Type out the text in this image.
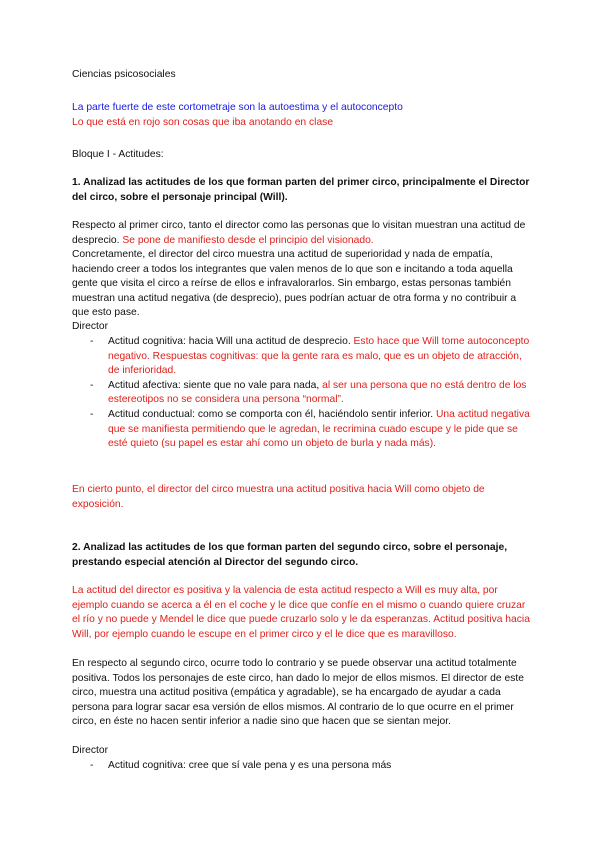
Ciencias psicosociales

La parte fuerte de este cortometraje son la autoestima y el autoconcepto

Lo que está en rojo son cosas que iba anotando en clase

Bloque I - Actitudes:

1. Analizad las actitudes de los que forman parten del primer circo, principalmente el Director del circo, sobre el personaje principal (Will).

Respecto al primer circo, tanto el director como las personas que lo visitan muestran una actitud de desprecio. Se pone de manifiesto desde el principio del visionado.

Concretamente, el director del circo muestra una actitud de superioridad y nada de empatía, haciendo creer a todos los integrantes que valen menos de lo que son e incitando a toda aquella gente que visita el circo a reírse de ellos e infravalorarlos. Sin embargo, estas personas también muestran una actitud negativa (de desprecio), pues podrían actuar de otra forma y no contribuir a que esto pase.

Director

- Actitud cognitiva: hacia Will una actitud de desprecio. Esto hace que Will tome autoconcepto negativo. Respuestas cognitivas: que la gente rara es malo, que es un objeto de atracción, de inferioridad.
- Actitud afectiva: siente que no vale para nada, al ser una persona que no está dentro de los estereotipos no se considera una persona “normal”.
- Actitud conductual: como se comporta con él, haciéndolo sentir inferior. Una actitud negativa que se manifiesta permitiendo que le agredan, le recrimina cuado escupe y le pide que se esté quieto (su papel es estar ahí como un objeto de burla y nada más).

En cierto punto, el director del circo muestra una actitud positiva hacia Will como objeto de exposición.

2. Analizad las actitudes de los que forman parten del segundo circo, sobre el personaje, prestando especial atención al Director del segundo circo.

La actitud del director es positiva y la valencia de esta actitud respecto a Will es muy alta, por ejemplo cuando se acerca a él en el coche y le dice que confíe en el mismo o cuando quiere cruzar el río y no puede y Mendel le dice que puede cruzarlo solo y le da esperanzas. Actitud positiva hacia Will, por ejemplo cuando le escupe en el primer circo y el le dice que es maravilloso.

En respecto al segundo circo, ocurre todo lo contrario y se puede observar una actitud totalmente positiva. Todos los personajes de este circo, han dado lo mejor de ellos mismos. El director de este circo, muestra una actitud positiva (empática y agradable), se ha encargado de ayudar a cada persona para lograr sacar esa versión de ellos mismos. Al contrario de lo que ocurre en el primer circo, en éste no hacen sentir inferior a nadie sino que hacen que se sientan mejor.

Director

- Actitud cognitiva: cree que sí vale pena y es una persona más
